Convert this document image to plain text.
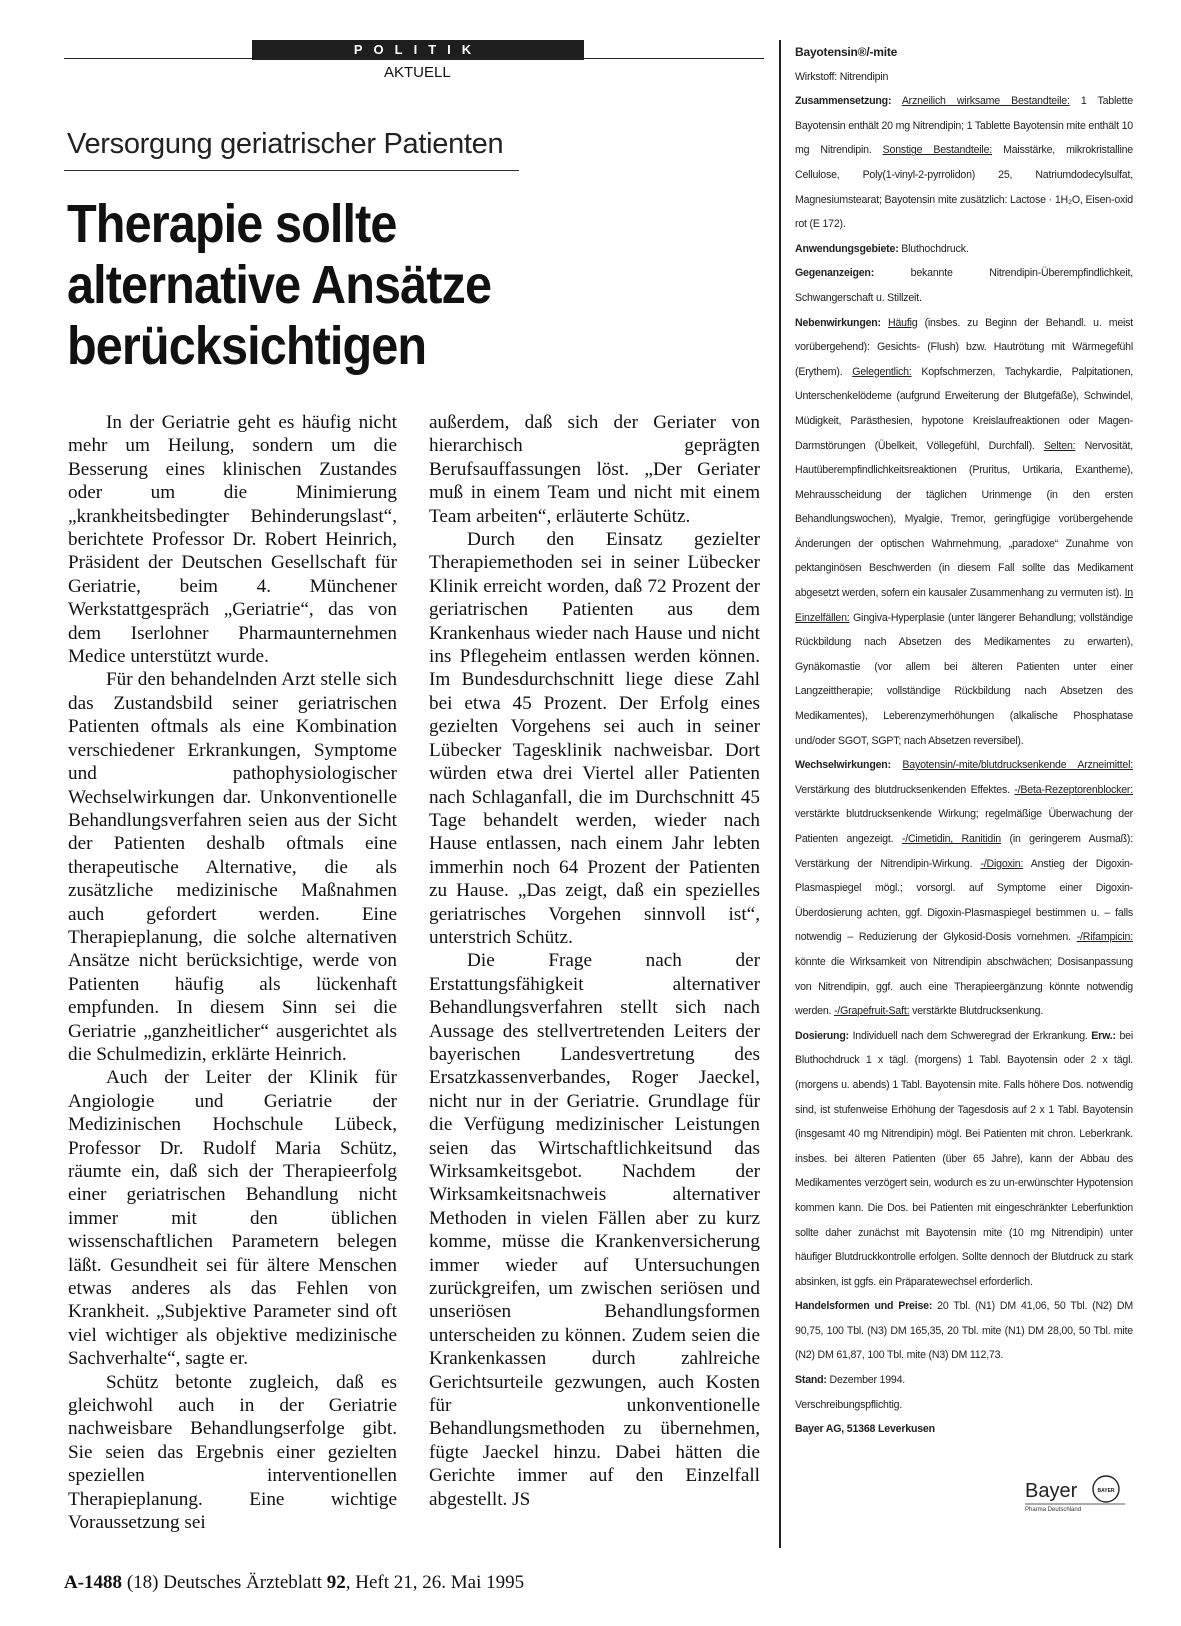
POLITIK
AKTUELL
Versorgung geriatrischer Patienten
Therapie sollte alternative Ansätze berücksichtigen

In der Geriatrie geht es häufig nicht mehr um Heilung, sondern um die Besserung eines klinischen Zustandes oder um die Minimierung „krankheitsbedingter Behinderungslast“, berichtete Professor Dr. Robert Heinrich, Präsident der Deutschen Gesellschaft für Geriatrie, beim 4. Münchener Werkstattgespräch „Geriatrie“, das von dem Iserlohner Pharmaunternehmen Medice unterstützt wurde.

Für den behandelnden Arzt stelle sich das Zustandsbild seiner geriatrischen Patienten oftmals als eine Kombination verschiedener Erkrankungen, Symptome und pathophysiologischer Wechselwirkungen dar. Unkonventionelle Behandlungsverfahren seien aus der Sicht der Patienten deshalb oftmals eine therapeutische Alternative, die als zusätzliche medizinische Maßnahmen auch gefordert werden. Eine Therapieplanung, die solche alternativen Ansätze nicht berücksichtige, werde von Patienten häufig als lückenhaft empfunden. In diesem Sinn sei die Geriatrie „ganzheitlicher“ ausgerichtet als die Schulmedizin, erklärte Heinrich.

Auch der Leiter der Klinik für Angiologie und Geriatrie der Medizinischen Hochschule Lübeck, Professor Dr. Rudolf Maria Schütz, räumte ein, daß sich der Therapieerfolg einer geriatrischen Behandlung nicht immer mit den üblichen wissenschaftlichen Parametern belegen läßt. Gesundheit sei für ältere Menschen etwas anderes als das Fehlen von Krankheit. „Subjektive Parameter sind oft viel wichtiger als objektive medizinische Sachverhalte“, sagte er.

Schütz betonte zugleich, daß es gleichwohl auch in der Geriatrie nachweisbare Behandlungserfolge gibt. Sie seien das Ergebnis einer gezielten speziellen interventionellen Therapieplanung. Eine wichtige Voraussetzung sei

außerdem, daß sich der Geriater von hierarchisch geprägten Berufsauffassungen löst. „Der Geriater muß in einem Team und nicht mit einem Team arbeiten“, erläuterte Schütz.

Durch den Einsatz gezielter Therapiemethoden sei in seiner Lübecker Klinik erreicht worden, daß 72 Prozent der geriatrischen Patienten aus dem Krankenhaus wieder nach Hause und nicht ins Pflegeheim entlassen werden können. Im Bundesdurchschnitt liege diese Zahl bei etwa 45 Prozent. Der Erfolg eines gezielten Vorgehens sei auch in seiner Lübecker Tagesklinik nachweisbar. Dort würden etwa drei Viertel aller Patienten nach Schlaganfall, die im Durchschnitt 45 Tage behandelt werden, wieder nach Hause entlassen, nach einem Jahr lebten immerhin noch 64 Prozent der Patienten zu Hause. „Das zeigt, daß ein spezielles geriatrisches Vorgehen sinnvoll ist“, unterstrich Schütz.

Die Frage nach der Erstattungsfähigkeit alternativer Behandlungsverfahren stellt sich nach Aussage des stellvertretenden Leiters der bayerischen Landesvertretung des Ersatzkassenverbandes, Roger Jaeckel, nicht nur in der Geriatrie. Grundlage für die Verfügung medizinischer Leistungen seien das Wirtschaftlichkeitsund das Wirksamkeitsgebot. Nachdem der Wirksamkeitsnachweis alternativer Methoden in vielen Fällen aber zu kurz komme, müsse die Krankenversicherung immer wieder auf Untersuchungen zurückgreifen, um zwischen seriösen und unseriösen Behandlungsformen unterscheiden zu können. Zudem seien die Krankenkassen durch zahlreiche Gerichtsurteile gezwungen, auch Kosten für unkonventionelle Behandlungsmethoden zu übernehmen, fügte Jaeckel hinzu. Dabei hätten die Gerichte immer auf den Einzelfall abgestellt. JS

Bayotensin®/-mite
Wirkstoff: Nitrendipin
Zusammensetzung: Arzneilich wirksame Bestandteile: 1 Tablette Bayotensin enthält 20 mg Nitrendipin; 1 Tablette Bayotensin mite enthält 10 mg Nitrendipin. Sonstige Bestandteile: Maisstärke, mikrokristalline Cellulose, Poly(1-vinyl-2-pyrrolidon) 25, Natriumdodecylsulfat, Magnesiumstearat; Bayotensin mite zusätzlich: Lactose · 1H₂O, Eisen-oxid rot (E 172).
Anwendungsgebiete: Bluthochdruck.
Gegenanzeigen:	bekannte Nitrendipin-Überempfindlichkeit, Schwangerschaft u. Stillzeit.
Nebenwirkungen: Häufig (insbes. zu Beginn der Behandl. u. meist vorübergehend): Gesichts- (Flush) bzw. Hautrötung mit Wärmegefühl (Erythem). Gelegentlich: Kopfschmerzen, Tachykardie, Palpitationen, Unterschenkelödeme (aufgrund Erweiterung der Blutgefäße), Schwindel, Müdigkeit, Parästhesien, hypotone Kreislaufreaktionen oder Magen-Darmstörungen (Übelkeit, Völlegefühl, Durchfall). Selten: Nervosität, Hautüberempfindlichkeitsreaktionen (Pruritus, Urtikaria, Exantheme), Mehrausscheidung der täglichen Urinmenge (in den ersten Behandlungswochen), Myalgie, Tremor, geringfügige vorübergehende Änderungen der optischen Wahrnehmung, „paradoxe“ Zunahme von pektanginösen Beschwerden (in diesem Fall sollte das Medikament abgesetzt werden, sofern ein kausaler Zusammenhang zu vermuten ist). In Einzelfällen: Gingiva-Hyperplasie (unter längerer Behandlung; vollständige Rückbildung nach Absetzen des Medikamentes zu erwarten), Gynäkomastie (vor allem bei älteren Patienten unter einer Langzeittherapie; vollständige Rückbildung nach Absetzen des Medikamentes), Leberenzymerhöhungen (alkalische Phosphatase und/oder SGOT, SGPT; nach Absetzen reversibel).
Wechselwirkungen: Bayotensin/-mite/blutdrucksenkende Arzneimittel: Verstärkung des blutdrucksenkenden Effektes. -/Beta-Rezeptorenblocker: verstärkte blutdrucksenkende Wirkung; regelmäßige Überwachung der Patienten angezeigt. -/Cimetidin, Ranitidin (in geringerem Ausmaß): Verstärkung der Nitrendipin-Wirkung. -/Digoxin: Anstieg der Digoxin-Plasmaspiegel mögl.; vorsorgl. auf Symptome einer Digoxin-Überdosierung achten, ggf. Digoxin-Plasmaspiegel bestimmen u. – falls notwendig – Reduzierung der Glykosid-Dosis vornehmen. -/Rifampicin: könnte die Wirksamkeit von Nitrendipin abschwächen; Dosisanpassung von Nitrendipin, ggf. auch eine Therapieergänzung könnte notwendig werden. -/Grapefruit-Saft: verstärkte Blutdrucksenkung.
Dosierung: Individuell nach dem Schweregrad der Erkrankung. Erw.: bei Bluthochdruck 1 x tägl. (morgens) 1 Tabl. Bayotensin oder 2 x tägl. (morgens u. abends) 1 Tabl. Bayotensin mite. Falls höhere Dos. notwendig sind, ist stufenweise Erhöhung der Tagesdosis auf 2 x 1 Tabl. Bayotensin (insgesamt 40 mg Nitrendipin) mögl. Bei Patienten mit chron. Leberkrank. insbes. bei älteren Patienten (über 65 Jahre), kann der Abbau des Medikamentes verzögert sein, wodurch es zu un-erwünschter Hypotension kommen kann. Die Dos. bei Patienten mit eingeschränkter Leberfunktion sollte daher zunächst mit Bayotensin mite (10 mg Nitrendipin) unter häufiger Blutdruckkontrolle erfolgen. Sollte dennoch der Blutdruck zu stark absinken, ist ggfs. ein Präparatewechsel erforderlich.
Handelsformen und Preise: 20 Tbl. (N1) DM 41,06, 50 Tbl. (N2) DM 90,75, 100 Tbl. (N3) DM 165,35, 20 Tbl. mite (N1) DM 28,00, 50 Tbl. mite (N2) DM 61,87, 100 Tbl. mite (N3) DM 112,73.
Stand: Dezember 1994.
Verschreibungspflichtig.
Bayer AG, 51368 Leverkusen
Bayer	BAYER
Pharma Deutschland
A-1488 (18) Deutsches Ärzteblatt 92, Heft 21, 26. Mai 1995
